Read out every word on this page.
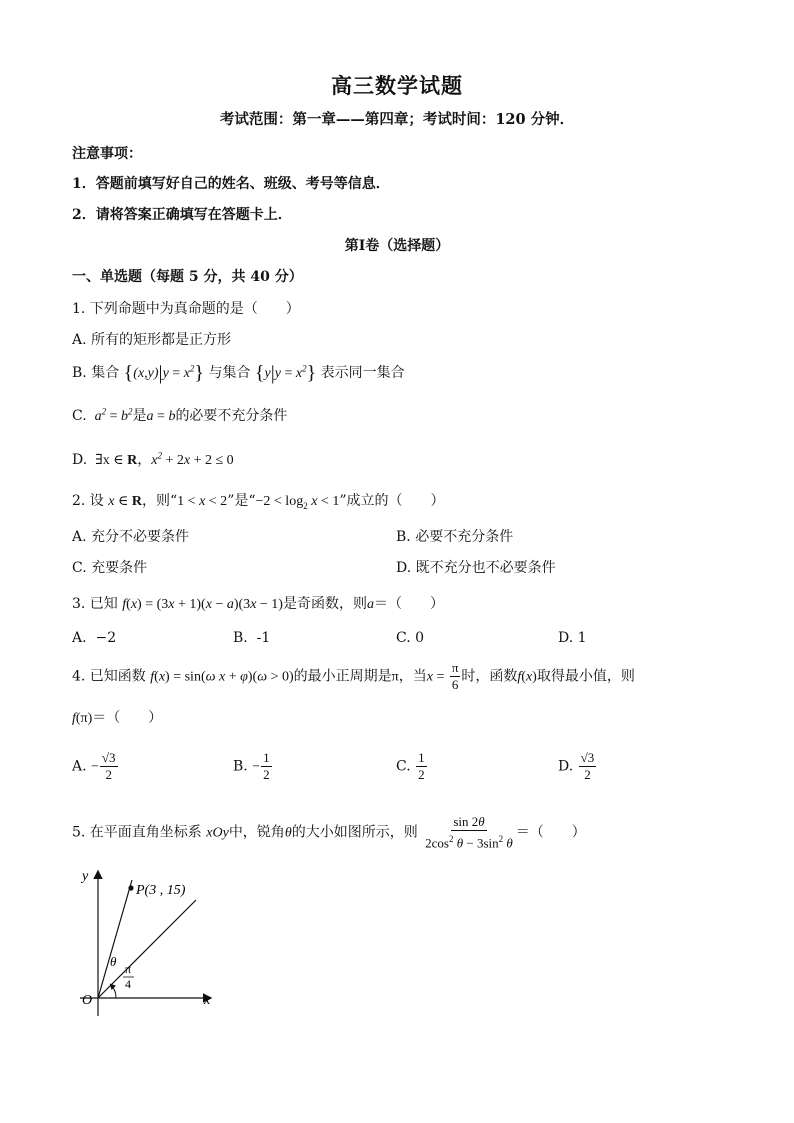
高三数学试题
考试范围：第一章——第四章；考试时间：120 分钟．
注意事项：
1．答题前填写好自己的姓名、班级、考号等信息．
2．请将答案正确填写在答题卡上．
第Ⅰ卷（选择题）
一、单选题（每题 5 分，共 40 分）
1. 下列命题中为真命题的是（　　）
A. 所有的矩形都是正方形
B. 集合 $\{(x,y)|y = x^2\}$ 与集合 $\{y|y = x^2\}$ 表示同一集合
C.  $a^2 = b^2$是a = b的必要不充分条件
D. ∃x ∈ R，$x^2 + 2x + 2 \le 0$
2. 设 x ∈ R，则“1 < x < 2”是“$-2 < \log_2 x < 1$”成立的（　　）
A. 充分不必要条件	B. 必要不充分条件
C. 充要条件	D. 既不充分也不必要条件
3. 已知 f(x) = (3x + 1)(x − a)(3x − 1)是奇函数，则a＝（　　）
A. −2	B. -1	C. 0	D. 1
4. 已知函数 f(x) = sin(ω x + φ)(ω > 0)的最小正周期是π，当$x = \frac{\pi}{6}$ 时，函数f(x)取得最小值，则
f(π)＝（　　）
A. − $\frac{√3}{2}$	B. − $\frac{1}{2}$	C. $\frac{1}{2}$	D. $\frac{√3}{2}$
5. 在平面直角坐标系 xOy中，锐角θ的大小如图所示，则 $\frac{\sin 2\theta}{2\cos^2 \theta - 3\sin^2 \theta}$ ＝（　　）
P(3 , 15)
y
x
O
θ π
4
